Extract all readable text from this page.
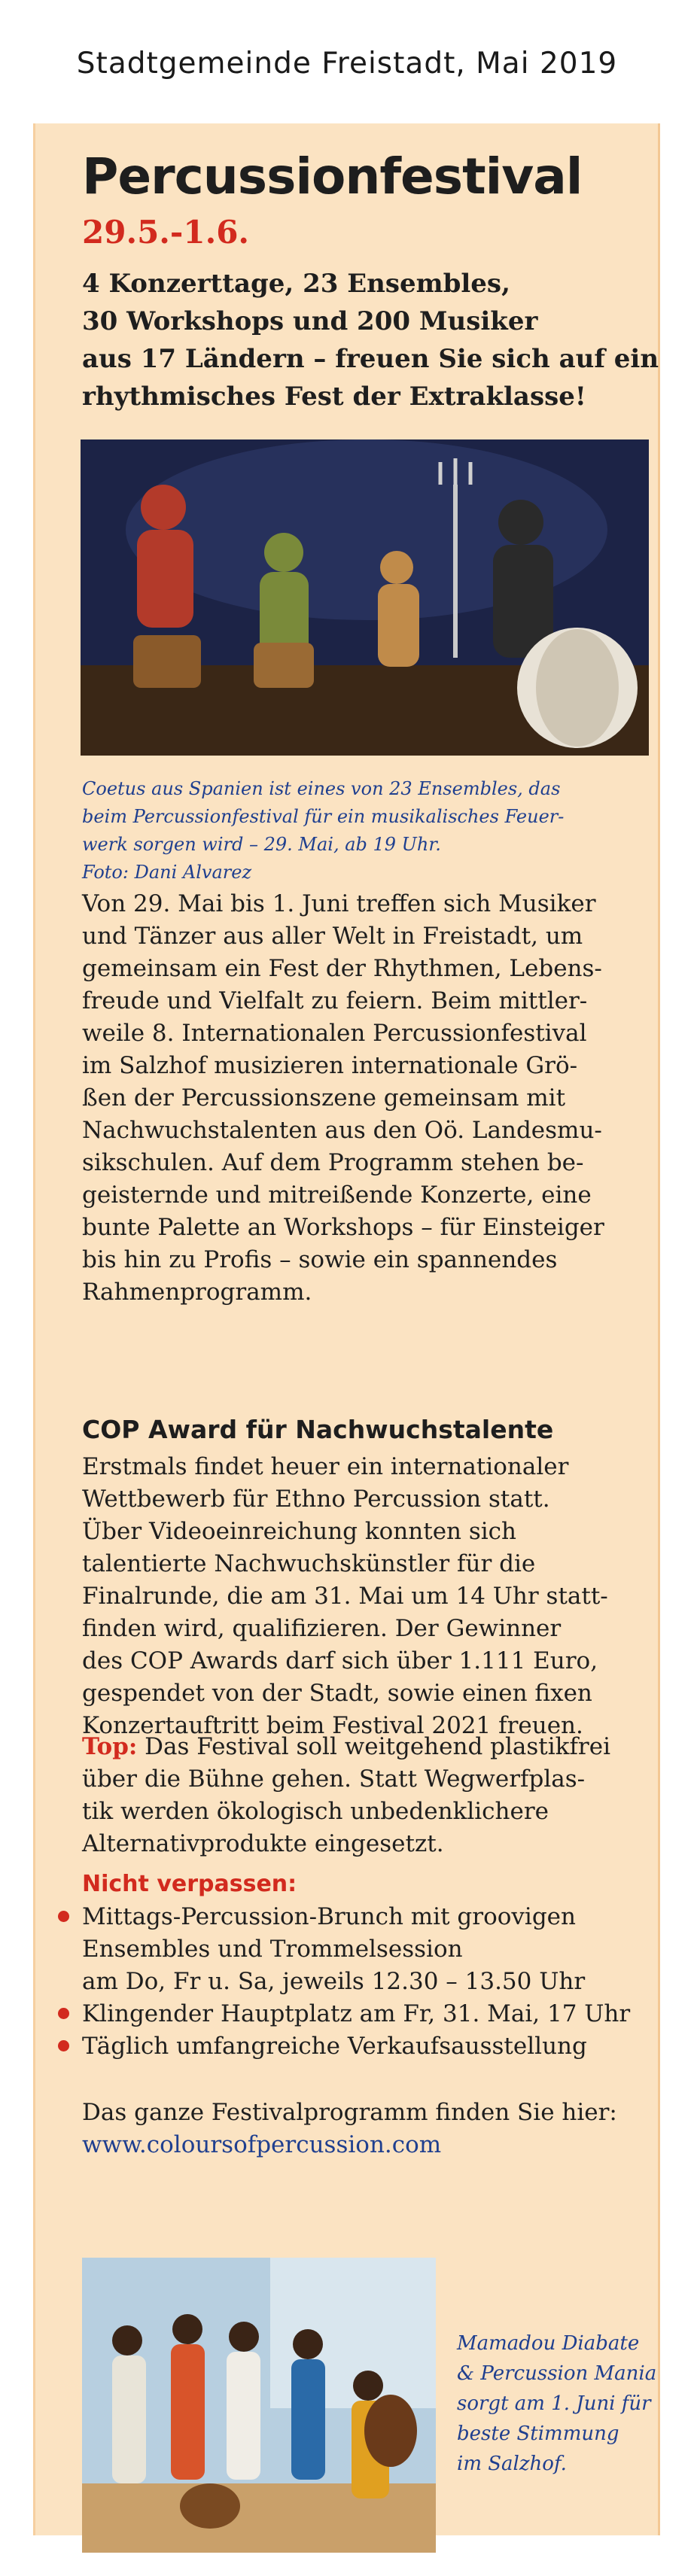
Stadtgemeinde Freistadt, Mai 2019
Percussionfestival
29.5.-1.6.
4 Konzerttage, 23 Ensembles,
30 Workshops und 200 Musiker
aus 17 Ländern – freuen Sie sich auf ein
rhythmisches Fest der Extraklasse!
Coetus aus Spanien ist eines von 23 Ensembles, das
beim Percussionfestival für ein musikalisches Feuer-
werk sorgen wird – 29. Mai, ab 19 Uhr.
Foto: Dani Alvarez
Von 29. Mai bis 1. Juni treffen sich Musiker
und Tänzer aus aller Welt in Freistadt, um
gemeinsam ein Fest der Rhythmen, Lebens-
freude und Vielfalt zu feiern. Beim mittler-
weile 8. Internationalen Percussionfestival
im Salzhof musizieren internationale Grö-
ßen der Percussionszene gemeinsam mit
Nachwuchstalenten aus den Oö. Landesmu-
sikschulen. Auf dem Programm stehen be-
geisternde und mitreißende Konzerte, eine
bunte Palette an Workshops – für Einsteiger
bis hin zu Profis – sowie ein spannendes
Rahmenprogramm.
COP Award für Nachwuchstalente
Erstmals findet heuer ein internationaler
Wettbewerb für Ethno Percussion statt.
Über Videoeinreichung konnten sich
talentierte Nachwuchskünstler für die
Finalrunde, die am 31. Mai um 14 Uhr statt-
finden wird, qualifizieren. Der Gewinner
des COP Awards darf sich über 1.111 Euro,
gespendet von der Stadt, sowie einen fixen
Konzertauftritt beim Festival 2021 freuen.
Top: Das Festival soll weitgehend plastikfrei
über die Bühne gehen. Statt Wegwerfplas-
tik werden ökologisch unbedenklichere
Alternativprodukte eingesetzt.
Nicht verpassen:
Mittags-Percussion-Brunch mit groovigen
Ensembles und Trommelsession
am Do, Fr u. Sa, jeweils 12.30 – 13.50 Uhr
Klingender Hauptplatz am Fr, 31. Mai, 17 Uhr
Täglich umfangreiche Verkaufsausstellung
Das ganze Festivalprogramm finden Sie hier:
www.coloursofpercussion.com
Mamadou Diabate
& Percussion Mania
sorgt am 1. Juni für
beste Stimmung
im Salzhof.
